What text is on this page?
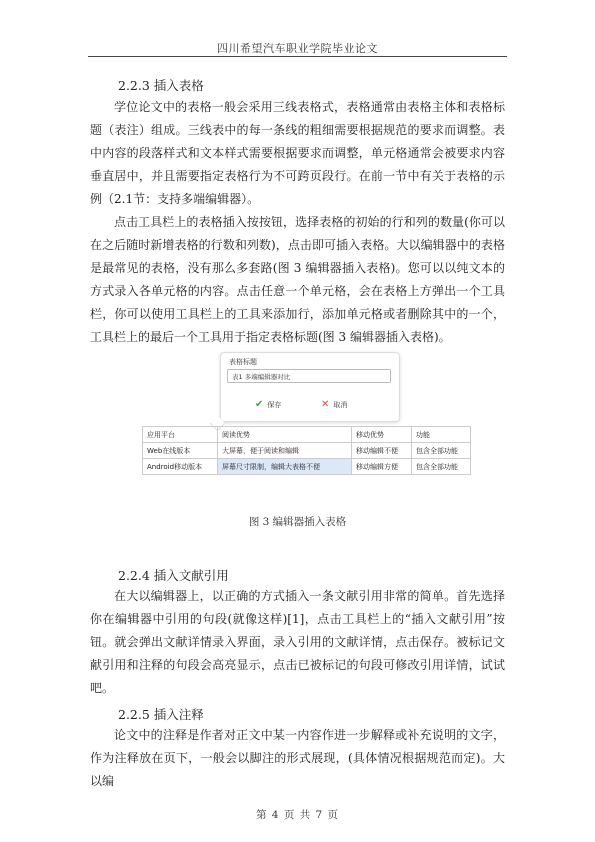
四川希望汽车职业学院毕业论文
2.2.3 插入表格
学位论文中的表格一般会采用三线表格式，表格通常由表格主体和表格标题（表注）组成。三线表中的每一条线的粗细需要根据规范的要求而调整。表中内容的段落样式和文本样式需要根据要求而调整，单元格通常会被要求内容垂直居中，并且需要指定表格行为不可跨页段行。在前一节中有关于表格的示例（2.1节：支持多端编辑器）。
点击工具栏上的表格插入按按钮，选择表格的初始的行和列的数量(你可以在之后随时新增表格的行数和列数)，点击即可插入表格。大以编辑器中的表格是最常见的表格，没有那么多套路(图 3 编辑器插入表格)。您可以以纯文本的方式录入各单元格的内容。点击任意一个单元格，会在表格上方弹出一个工具栏，你可以使用工具栏上的工具来添加行，添加单元格或者删除其中的一个，工具栏上的最后一个工具用于指定表格标题(图 3 编辑器插入表格)。
表格标题
表1 多端编辑器对比
✔ 保存	✕ 取消
应用平台	阅读优势	移动优势	功能
Web在线版本	大屏幕，便于阅读和编辑	移动编辑不便	包含全部功能
Android移动版本	屏幕尺寸限制，编辑大表格不便	移动编辑方便	包含全部功能
图 3 编辑器插入表格
2.2.4 插入文献引用
在大以编辑器上，以正确的方式插入一条文献引用非常的简单。首先选择你在编辑器中引用的句段(就像这样)[1]，点击工具栏上的“插入文献引用”按钮。就会弹出文献详情录入界面，录入引用的文献详情，点击保存。被标记文献引用和注释的句段会高亮显示，点击已被标记的句段可修改引用详情，试试吧。
2.2.5 插入注释
论文中的注释是作者对正文中某一内容作进一步解释或补充说明的文字，作为注释放在页下，一般会以脚注的形式展现，(具体情况根据规范而定)。大以编
第 4 页 共 7 页
